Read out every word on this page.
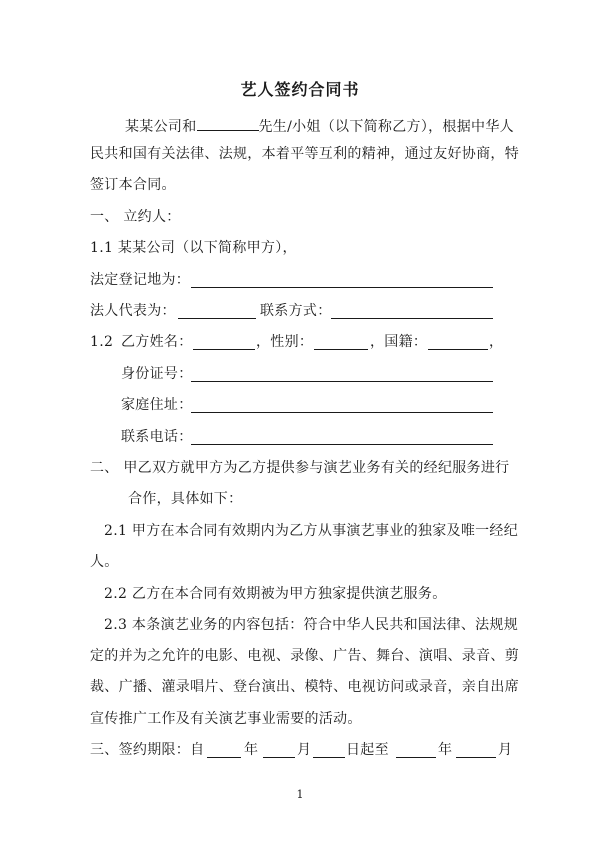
艺人签约合同书
某某公司和	先生/小姐（以下简称乙方），根据中华人
民共和国有关法律、法规，本着平等互利的精神，通过友好协商，特
签订本合同。
一、 立约人：
1.1 某某公司（以下简称甲方），
法定登记地为：
法人代表为：	联系方式：
1.2 乙方姓名：	，性别：	，国籍：	，
身份证号：
家庭住址：
联系电话：
二、 甲乙双方就甲方为乙方提供参与演艺业务有关的经纪服务进行
合作，具体如下：
2.1 甲方在本合同有效期内为乙方从事演艺事业的独家及唯一经纪
人。
2.2 乙方在本合同有效期被为甲方独家提供演艺服务。
2.3 本条演艺业务的内容包括：符合中华人民共和国法律、法规规
定的并为之允许的电影、电视、录像、广告、舞台、演唱、录音、剪
裁、广播、灌录唱片、登台演出、模特、电视访问或录音，亲自出席
宣传推广工作及有关演艺事业需要的活动。
三、签约期限：自	年	月 日起至	年	月
1
